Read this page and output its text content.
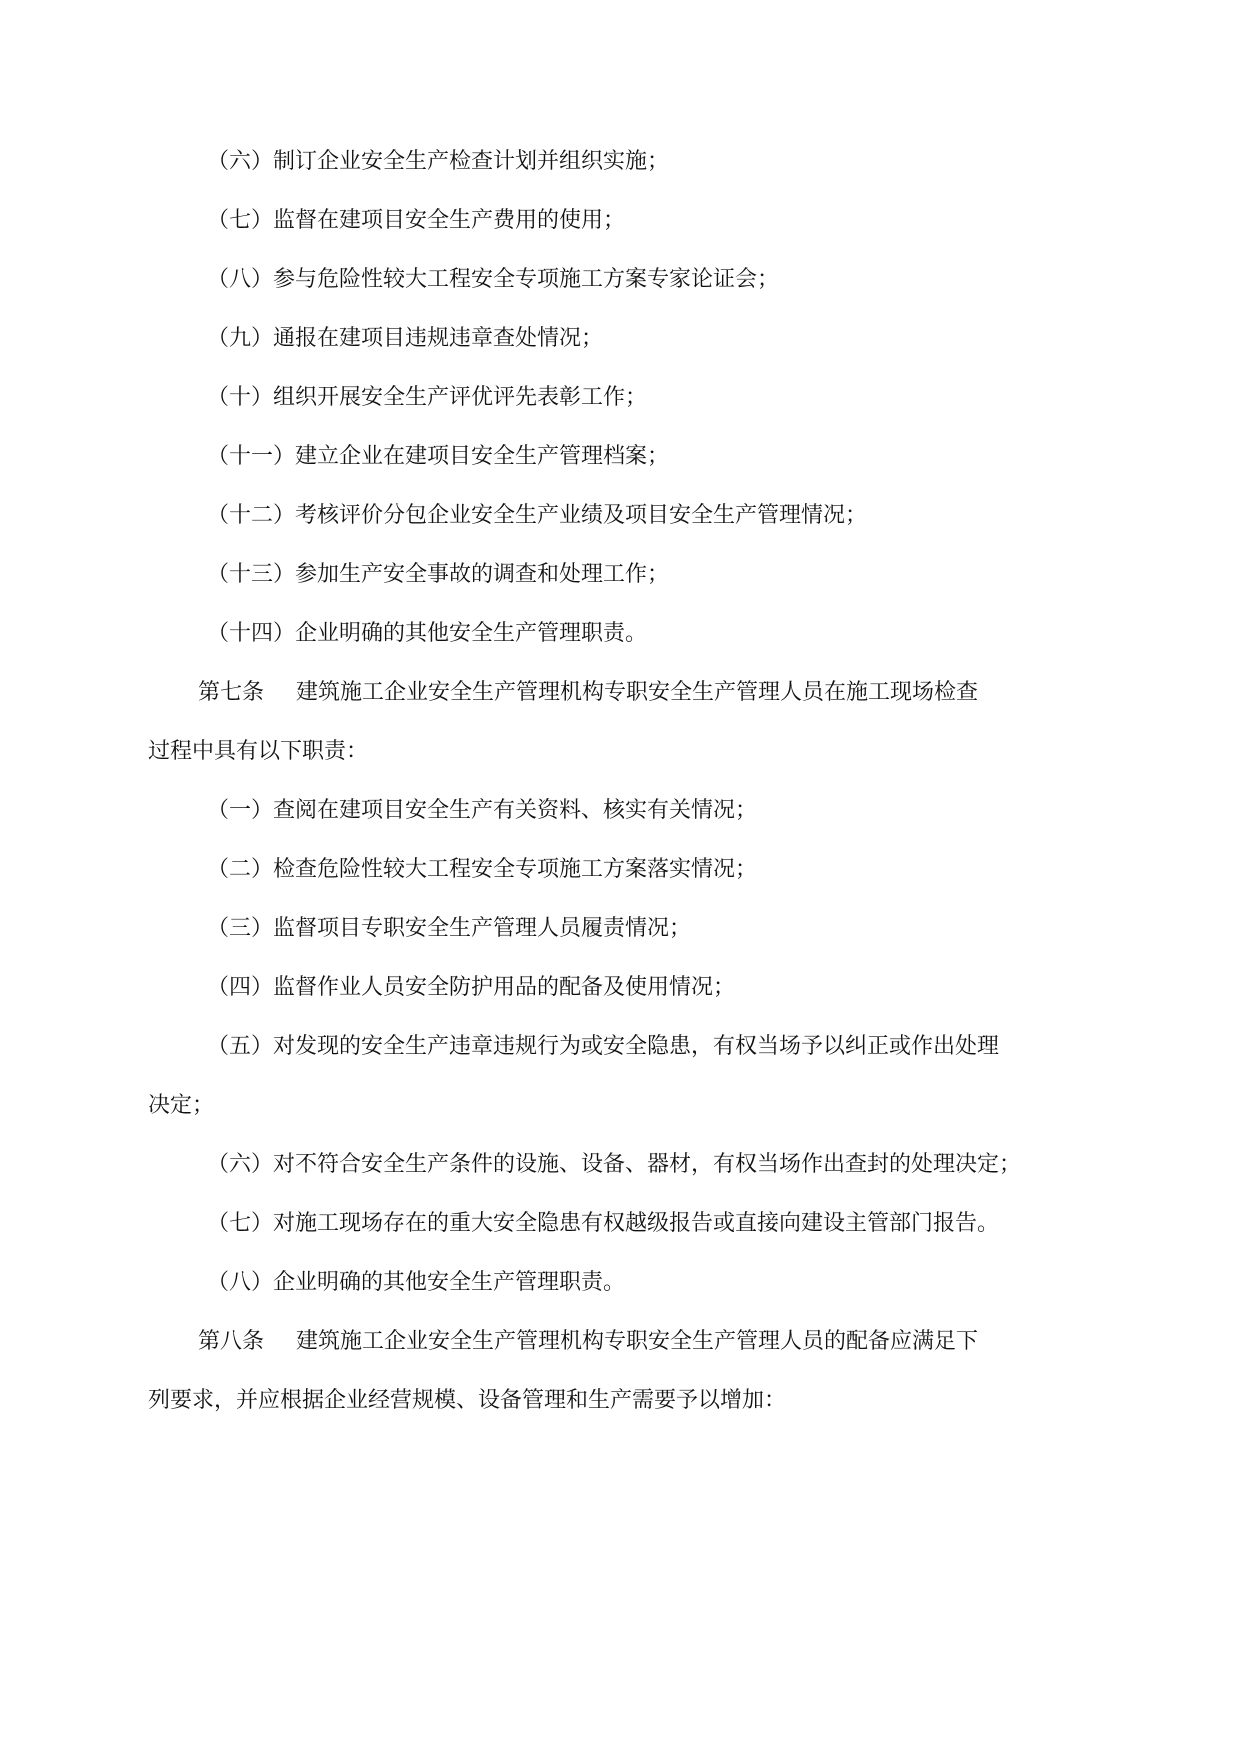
（六）制订企业安全生产检查计划并组织实施；
（七）监督在建项目安全生产费用的使用；
（八）参与危险性较大工程安全专项施工方案专家论证会；
（九）通报在建项目违规违章查处情况；
（十）组织开展安全生产评优评先表彰工作；
（十一）建立企业在建项目安全生产管理档案；
（十二）考核评价分包企业安全生产业绩及项目安全生产管理情况；
（十三）参加生产安全事故的调查和处理工作；
（十四）企业明确的其他安全生产管理职责。
第七条 建筑施工企业安全生产管理机构专职安全生产管理人员在施工现场检查
过程中具有以下职责：
（一）查阅在建项目安全生产有关资料、核实有关情况；
（二）检查危险性较大工程安全专项施工方案落实情况；
（三）监督项目专职安全生产管理人员履责情况；
（四）监督作业人员安全防护用品的配备及使用情况；
（五）对发现的安全生产违章违规行为或安全隐患，有权当场予以纠正或作出处理
决定；
（六）对不符合安全生产条件的设施、设备、器材，有权当场作出查封的处理决定；
（七）对施工现场存在的重大安全隐患有权越级报告或直接向建设主管部门报告。
（八）企业明确的其他安全生产管理职责。
第八条 建筑施工企业安全生产管理机构专职安全生产管理人员的配备应满足下
列要求，并应根据企业经营规模、设备管理和生产需要予以增加：
